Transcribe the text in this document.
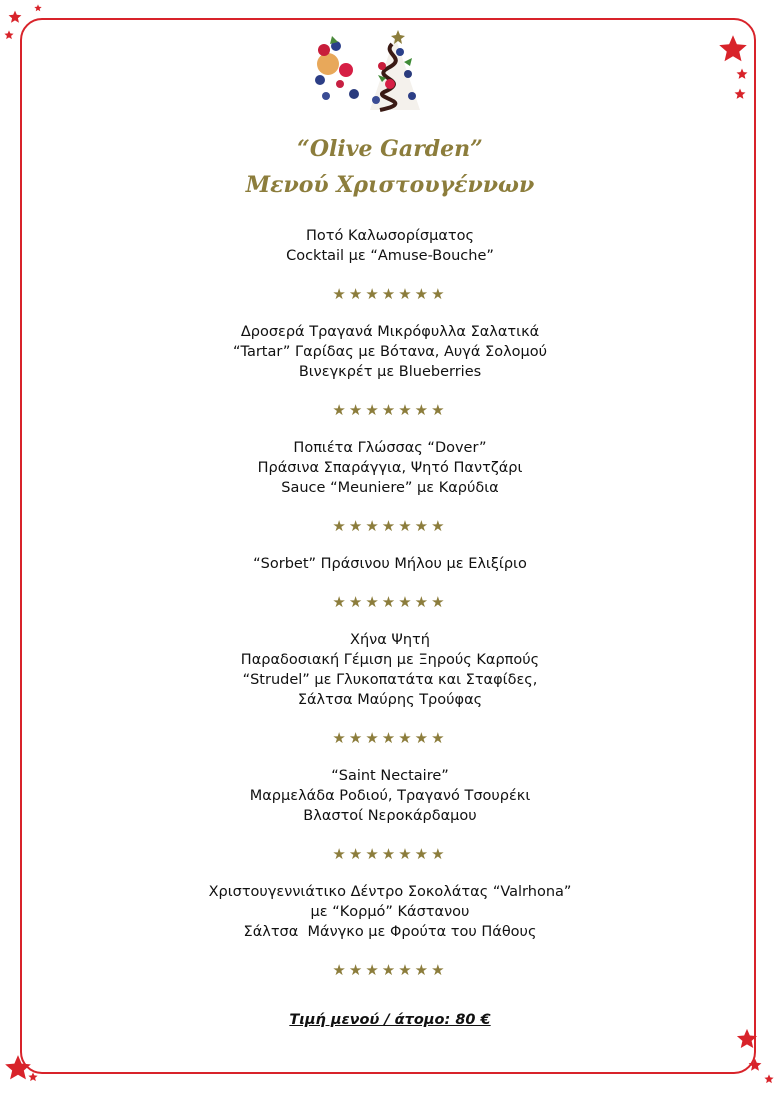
“Olive Garden”
Μενού Χριστουγέννων

Ποτό Καλωσορίσματος

Cocktail με “Amuse-Bouche”

★★★★★★★

Δροσερά Τραγανά Μικρόφυλλα Σαλατικά

“Tartar” Γαρίδας με Βότανα, Αυγά Σολομού

Βινεγκρέτ με Blueberries

★★★★★★★

Ποπιέτα Γλώσσας “Dover”

Πράσινα Σπαράγγια, Ψητό Παντζάρι

Sauce “Meuniere” με Καρύδια

★★★★★★★

“Sorbet” Πράσινου Μήλου με Ελιξίριο

★★★★★★★

Χήνα Ψητή

Παραδοσιακή Γέμιση με Ξηρούς Καρπούς

“Strudel” με Γλυκοπατάτα και Σταφίδες,

Σάλτσα Μαύρης Τρούφας

★★★★★★★

“Saint Nectaire”

Μαρμελάδα Ροδιού, Τραγανό Τσουρέκι

Βλαστοί Νεροκάρδαμου

★★★★★★★

Χριστουγεννιάτικο Δέντρο Σοκολάτας “Valrhona”

με “Κορμό” Κάστανου

Σάλτσα  Μάνγκο με Φρούτα του Πάθους

★★★★★★★
Τιμή μενού / άτομο: 80 €
